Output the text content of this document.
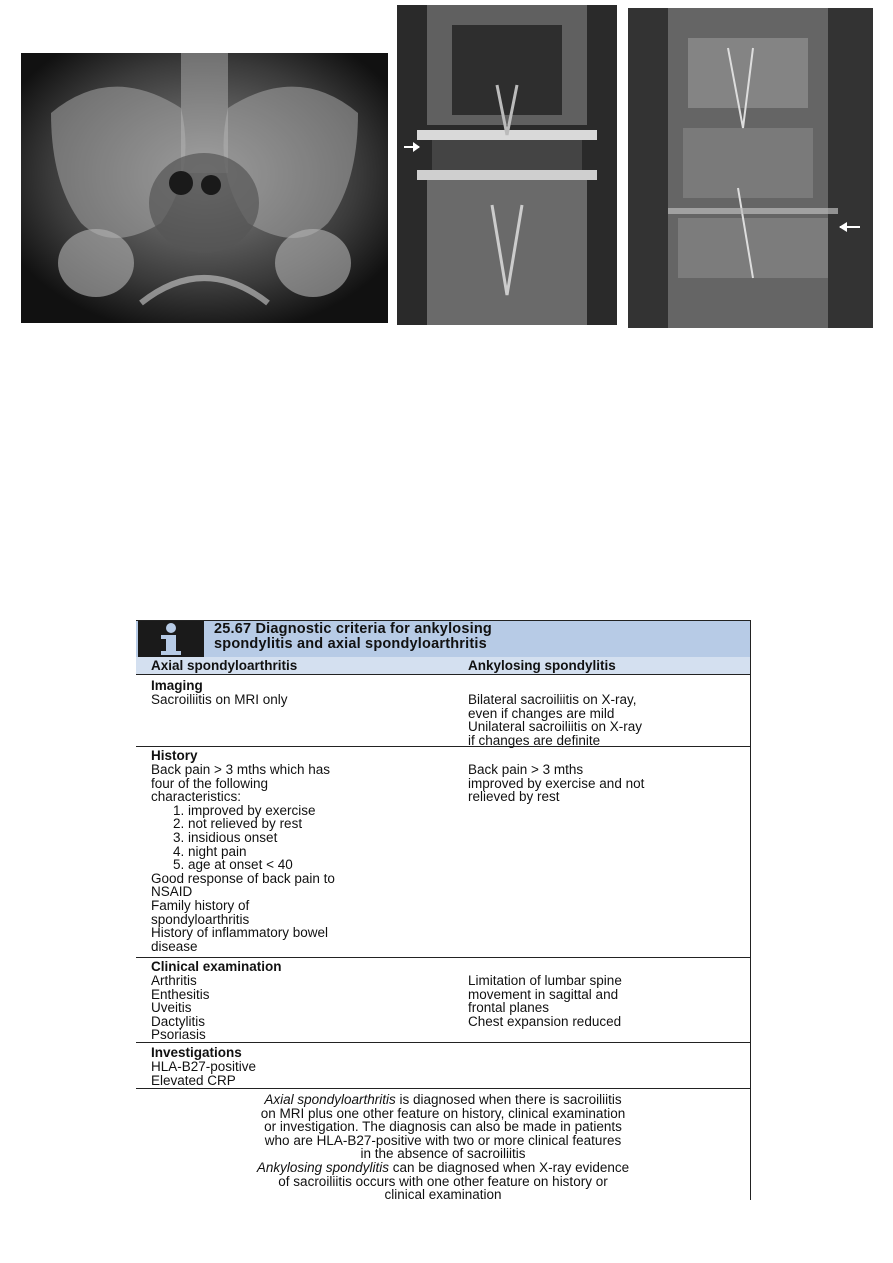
25.67 Diagnostic criteria for ankylosing
spondylitis and axial spondyloarthritis
Axial spondyloarthritis	Ankylosing spondylitis
Imaging
Sacroiliitis on MRI only	Bilateral sacroiliitis on X-ray,
even if changes are mild
Unilateral sacroiliitis on X-ray
if changes are definite
History
Back pain > 3 mths which has
four of the following
characteristics:
1. improved by exercise
2. not relieved by rest
3. insidious onset
4. night pain
5. age at onset < 40
Good response of back pain to
NSAID
Family history of
spondyloarthritis
History of inflammatory bowel
disease
Back pain > 3 mths
improved by exercise and not
relieved by rest
Clinical examination
Arthritis
Enthesitis
Uveitis
Dactylitis
Psoriasis
Limitation of lumbar spine
movement in sagittal and
frontal planes
Chest expansion reduced
Investigations
HLA-B27-positive
Elevated CRP
Axial spondyloarthritis is diagnosed when there is sacroiliitis
on MRI plus one other feature on history, clinical examination
or investigation. The diagnosis can also be made in patients
who are HLA-B27-positive with two or more clinical features
in the absence of sacroiliitis
Ankylosing spondylitis can be diagnosed when X-ray evidence
of sacroiliitis occurs with one other feature on history or
clinical examination
